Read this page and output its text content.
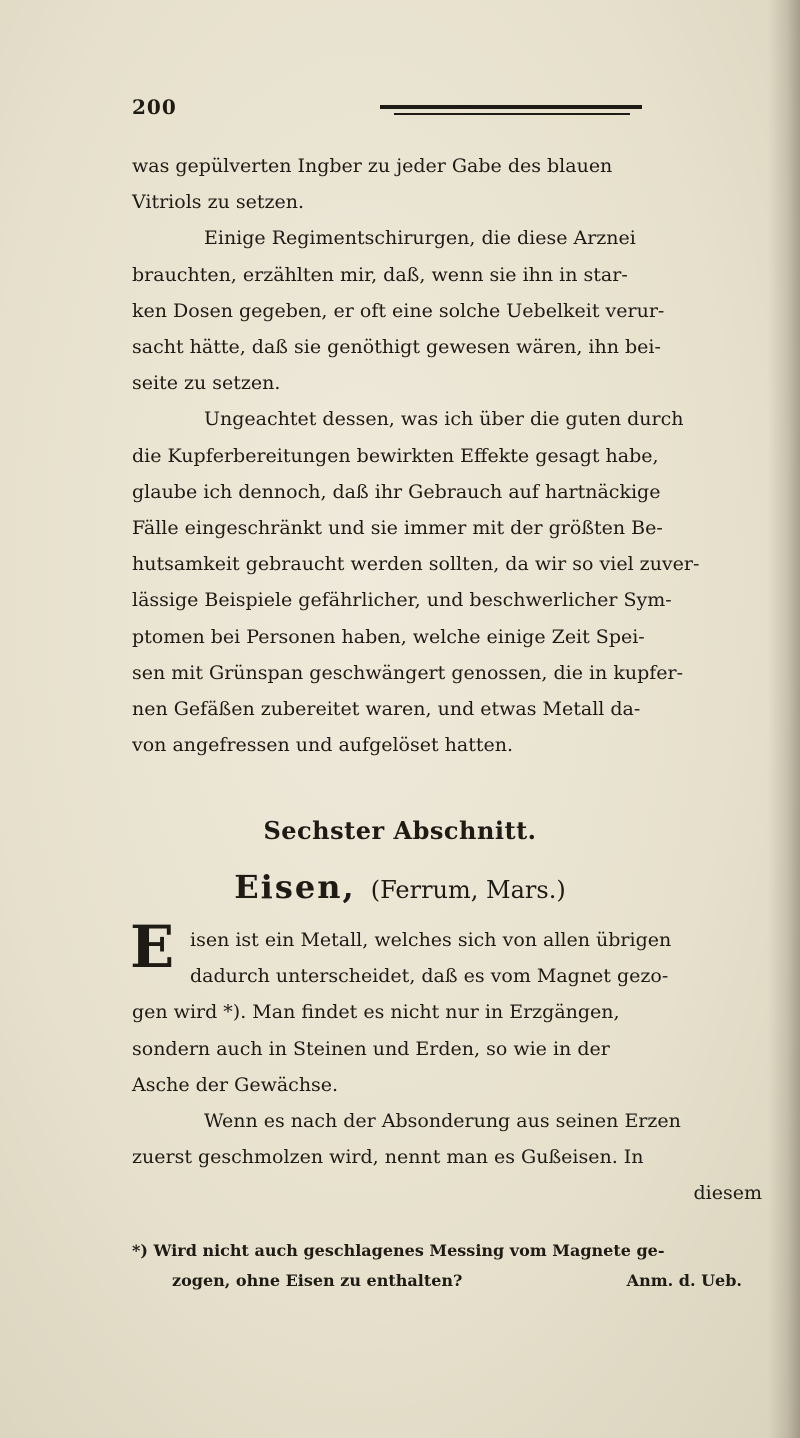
200
was gepülverten Ingber zu jeder Gabe des blauen
Vitriols zu setzen.
Einige Regimentschirurgen, die diese Arznei
brauchten, erzählten mir, daß, wenn sie ihn in star-
ken Dosen gegeben, er oft eine solche Uebelkeit verur-
sacht hätte, daß sie genöthigt gewesen wären, ihn bei-
seite zu setzen.
Ungeachtet dessen, was ich über die guten durch
die Kupferbereitungen bewirkten Effekte gesagt habe,
glaube ich dennoch, daß ihr Gebrauch auf hartnäckige
Fälle eingeschränkt und sie immer mit der größten Be-
hutsamkeit gebraucht werden sollten, da wir so viel zuver-
lässige Beispiele gefährlicher, und beschwerlicher Sym-
ptomen bei Personen haben, welche einige Zeit Spei-
sen mit Grünspan geschwängert genossen, die in kupfer-
nen Gefäßen zubereitet waren, und etwas Metall da-
von angefressen und aufgelöset hatten.
Sechster Abschnitt.
Eisen, (Ferrum, Mars.)
E isen ist ein Metall, welches sich von allen übrigen
dadurch unterscheidet, daß es vom Magnet gezo-
gen wird *). Man findet es nicht nur in Erzgängen,
sondern auch in Steinen und Erden, so wie in der
Asche der Gewächse.
Wenn es nach der Absonderung aus seinen Erzen
zuerst geschmolzen wird, nennt man es Gußeisen. In
diesem
*) Wird nicht auch geschlagenes Messing vom Magnete ge-
zogen, ohne Eisen zu enthalten?	Anm. d. Ueb.
